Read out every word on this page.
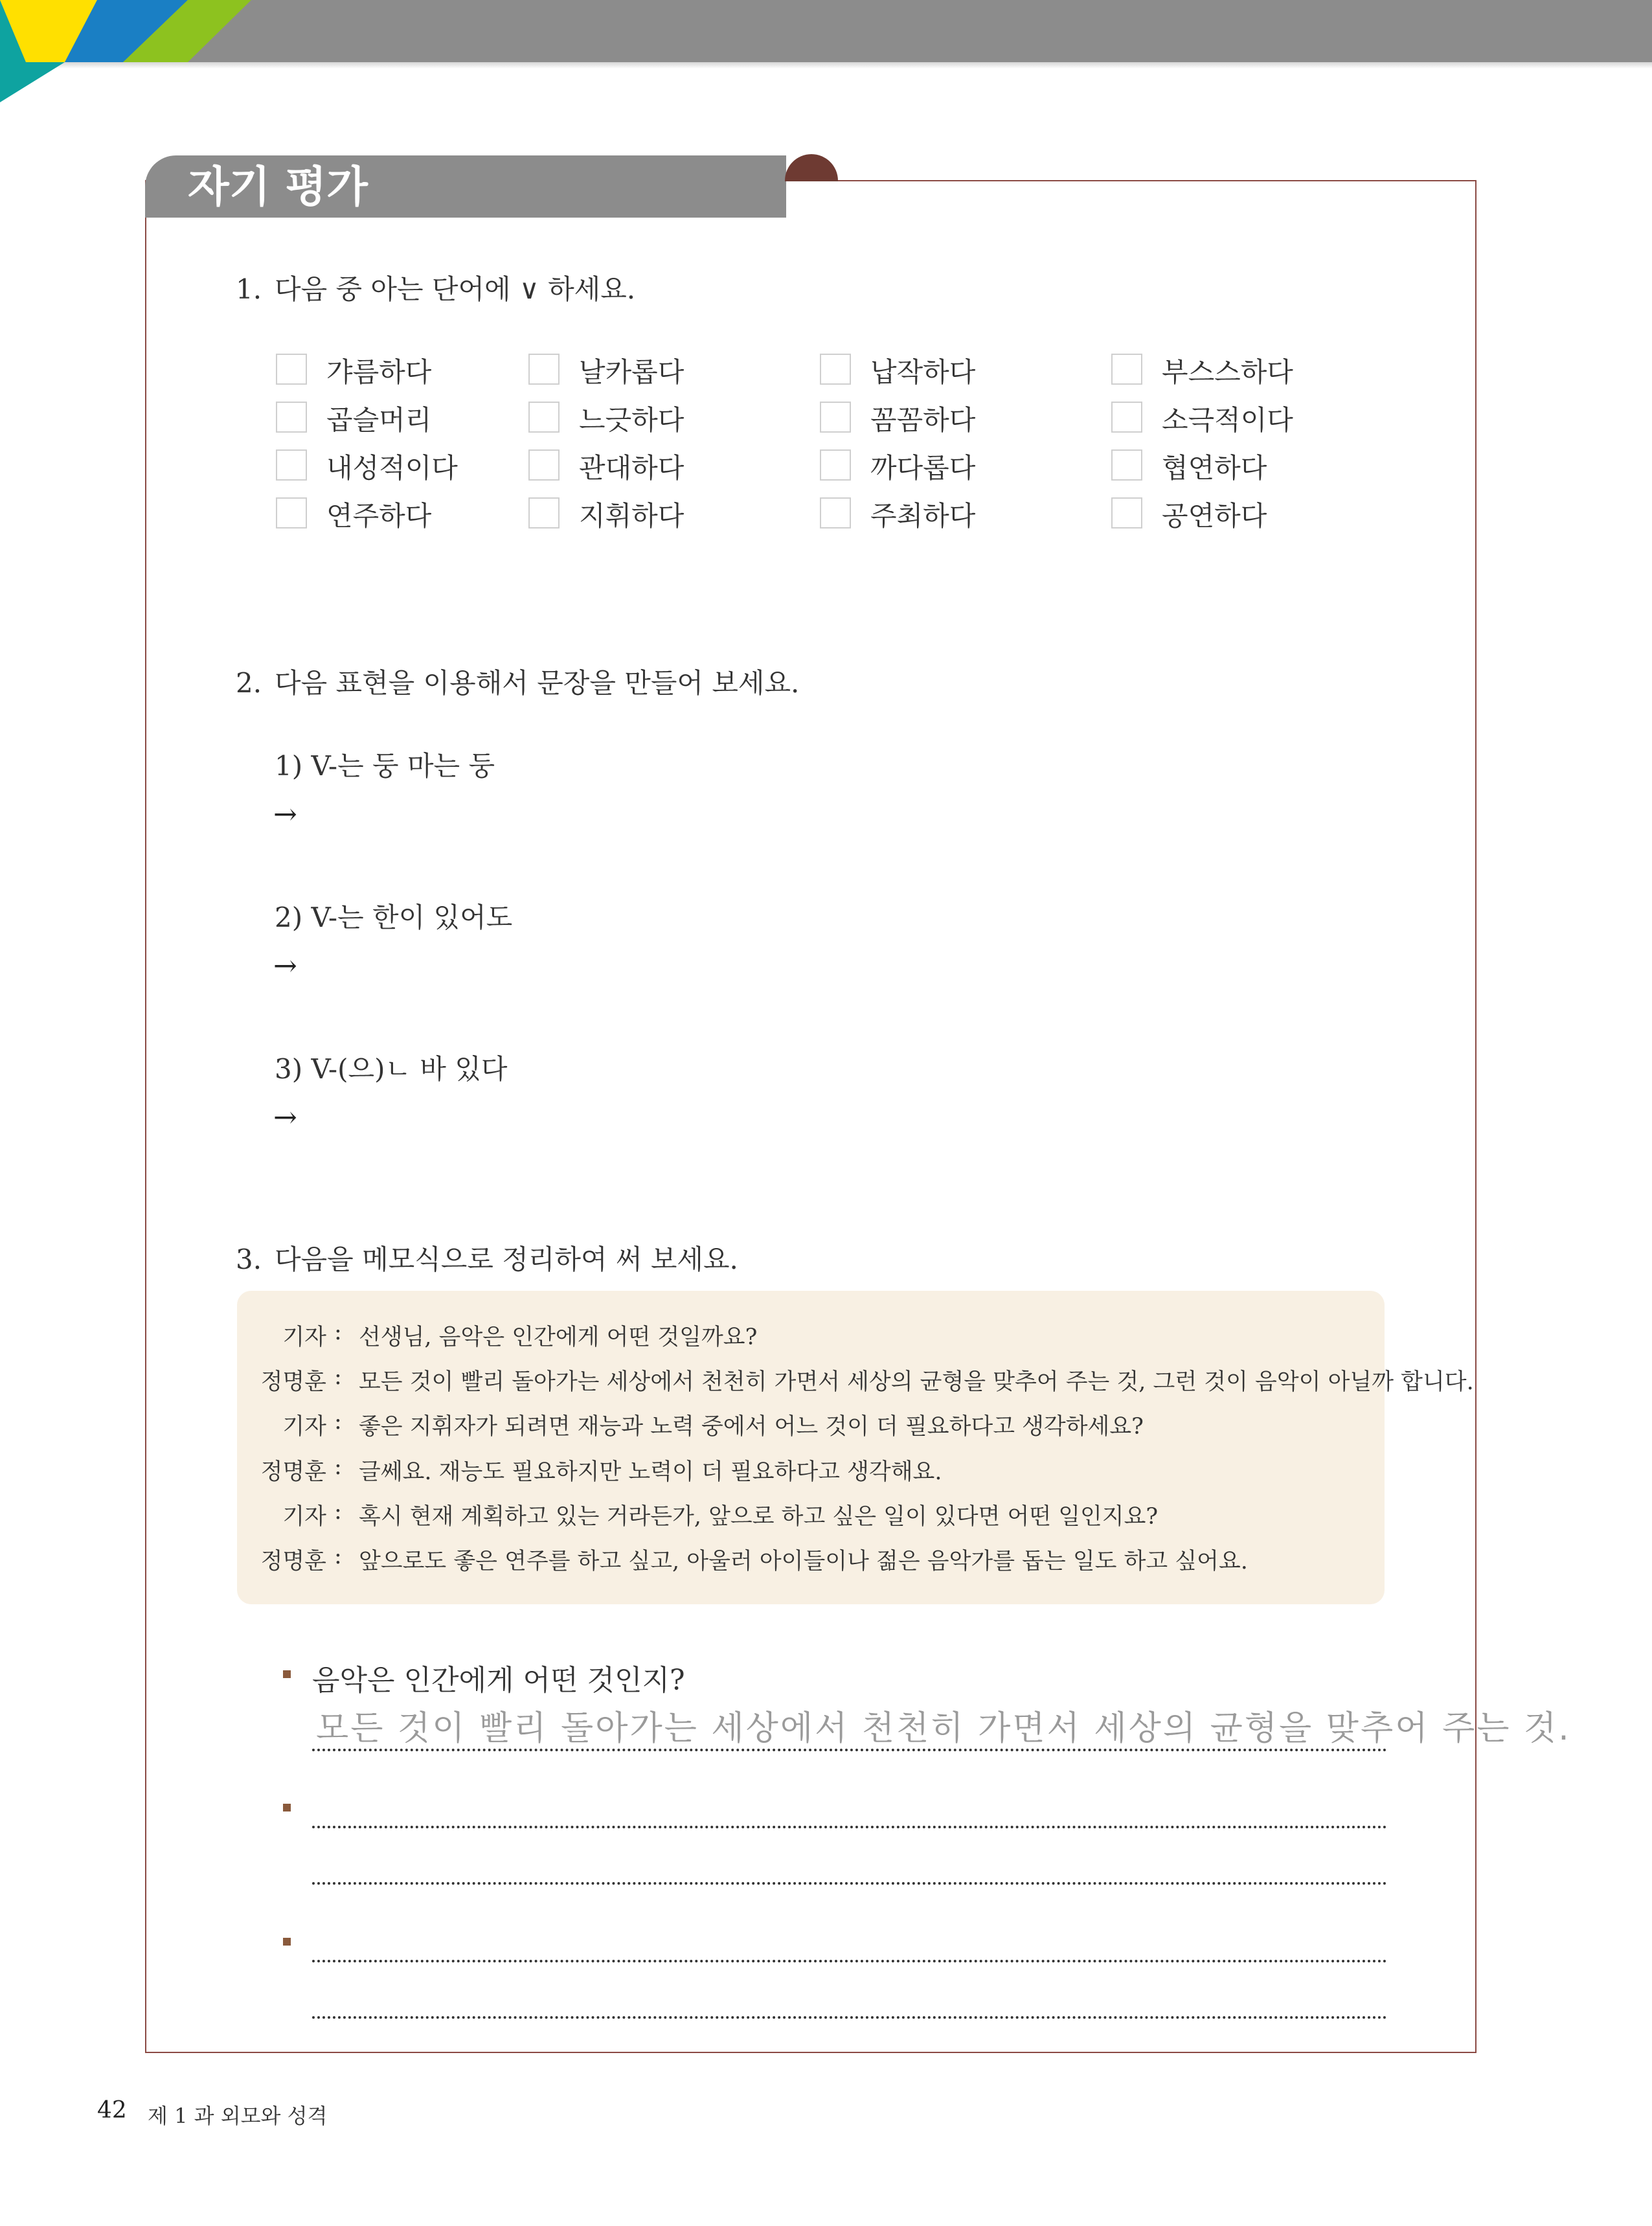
자기 평가
1. 다음 중 아는 단어에 ∨ 하세요.
갸름하다	날카롭다	납작하다	부스스하다
곱슬머리	느긋하다	꼼꼼하다	소극적이다
내성적이다	관대하다	까다롭다	협연하다
연주하다	지휘하다	주최하다	공연하다
2. 다음 표현을 이용해서 문장을 만들어 보세요.
1) V-는 둥 마는 둥
→
2) V-는 한이 있어도
→
3) V-(으)ㄴ 바 있다
→
3. 다음을 메모식으로 정리하여 써 보세요.
기자 : 선생님, 음악은 인간에게 어떤 것일까요?
정명훈 : 모든 것이 빨리 돌아가는 세상에서 천천히 가면서 세상의 균형을 맞추어 주는 것, 그런 것이 음악이 아닐까 합니다.
기자 : 좋은 지휘자가 되려면 재능과 노력 중에서 어느 것이 더 필요하다고 생각하세요?
정명훈 : 글쎄요. 재능도 필요하지만 노력이 더 필요하다고 생각해요.
기자 : 혹시 현재 계획하고 있는 거라든가, 앞으로 하고 싶은 일이 있다면 어떤 일인지요?
정명훈 : 앞으로도 좋은 연주를 하고 싶고, 아울러 아이들이나 젊은 음악가를 돕는 일도 하고 싶어요.
음악은 인간에게 어떤 것인지?
모든 것이 빨리 돌아가는 세상에서 천천히 가면서 세상의 균형을 맞추어 주는 것.
42 제 1 과 외모와 성격
